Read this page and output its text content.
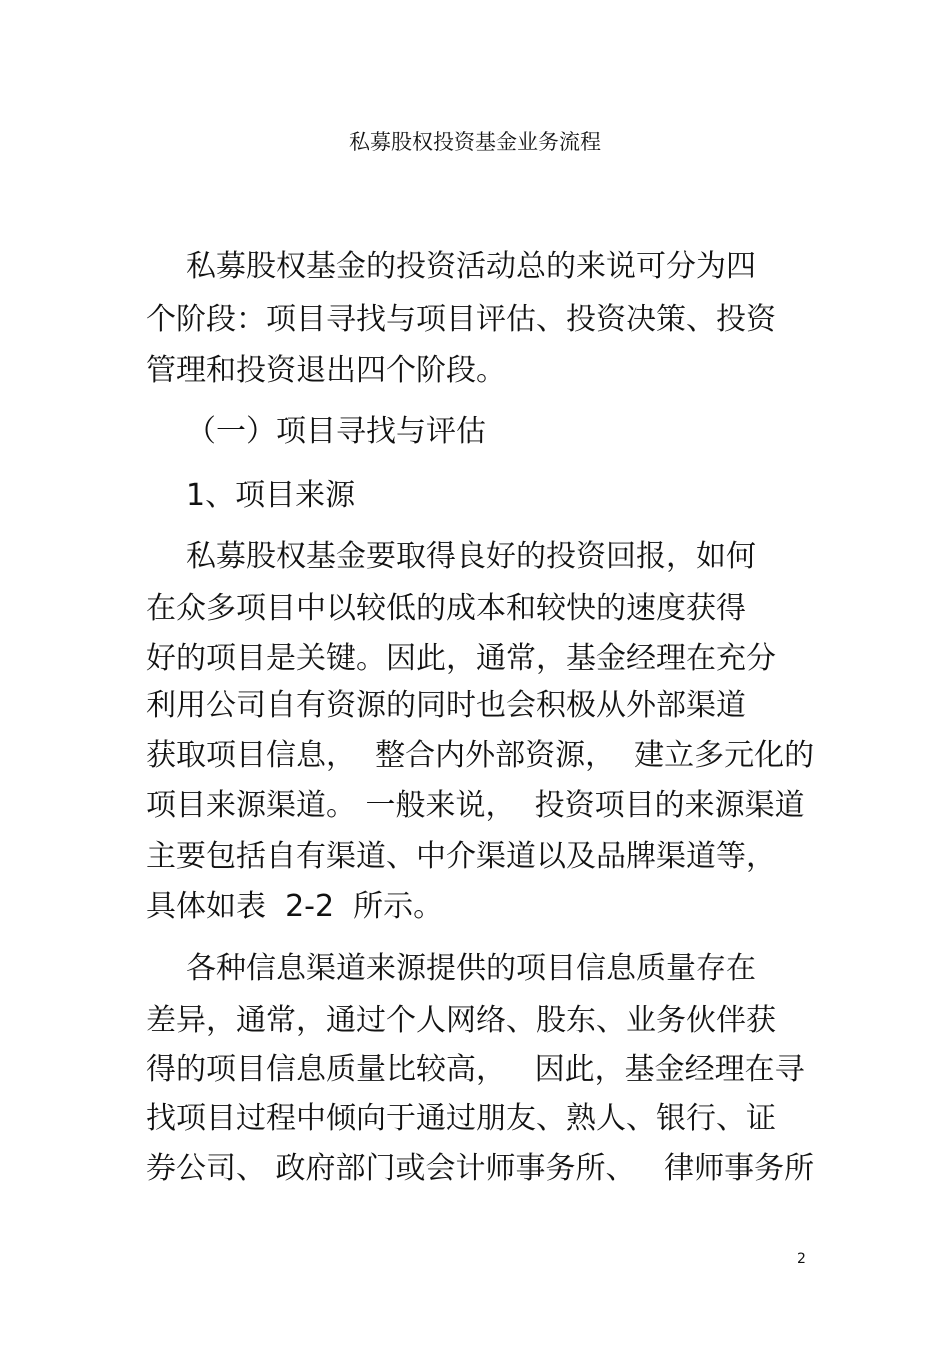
私募股权投资基金业务流程
私募股权基金的投资活动总的来说可分为四
个阶段：项目寻找与项目评估、投资决策、投资
管理和投资退出四个阶段。
（一）项目寻找与评估
1、项目来源
私募股权基金要取得良好的投资回报，如何
在众多项目中以较低的成本和较快的速度获得
好的项目是关键。因此，通常，基金经理在充分
利用公司自有资源的同时也会积极从外部渠道
获取项目信息，  整合内外部资源，  建立多元化的
项目来源渠道。 一般来说，  投资项目的来源渠道
主要包括自有渠道、中介渠道以及品牌渠道等，
具体如表  2-2  所示。
各种信息渠道来源提供的项目信息质量存在
差异，通常，通过个人网络、股东、业务伙伴获
得的项目信息质量比较高，   因此，基金经理在寻
找项目过程中倾向于通过朋友、熟人、银行、证
券公司、 政府部门或会计师事务所、   律师事务所
2
